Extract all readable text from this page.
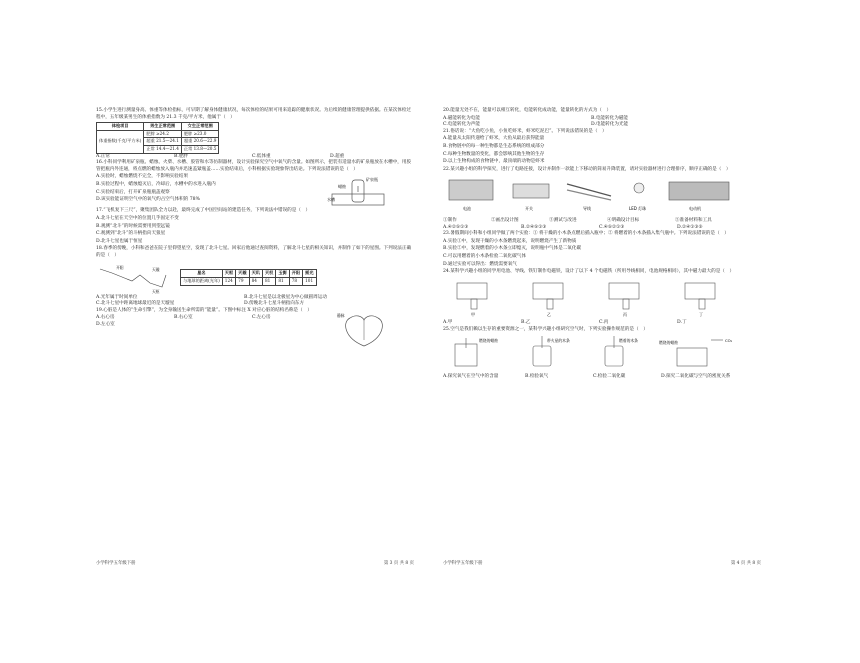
15.小学生进行测量身高、体重等体检指标，可早期了解身体健康状况，每次体检的结果可用来追踪的健康状况。为后续的健康管理提供依据。在某次体检过程中，五年级某男生的体重指数为 21.3 千克/平方米，他属于（　）
体检项目	男生正常范围	女生正常范围
体重指数(千克/平方米)	肥胖 ≥24.2	肥胖 ≥23.0
	超重 21.5—24.1	超重 20.6—22.9
	正常 14.4—21.4	正常 13.8—20.5
A.正常	B.肥胖	C.低体重	D.超重
16.小科同学利用矿泉瓶、蜡烛、火柴、水槽、胶管和水等仿制器材，设计实验探究空气中氧气的含量。如图所示，把装有适量水的矿泉瓶放在水槽中，用胶管把瓶内外连通，将点燃的蜡烛放入瓶内并迅速盖紧瓶盖……实验结束后，小科根据实验现象得出结论。下列说法错误的是（　）
A.实验时，蜡烛燃烧不完全，不影响实验结果
B.实验过程中，蜡烛熄灭后，冷却后，水槽中的水进入瓶内
C.实验结束后，打开矿泉瓶瓶盖观察
D.该实验能证明空气中的氧气约占空气体积的 78%
矿泉瓶
蜡烛
水槽
17.“飞机复下三尺”，聚集团队全力以赴，最终完成了中国空间站的建造任务，下列说法中错误的是（　）
A.北斗七星在天空中的位置几乎固定不变
B.观测“北斗”的时候需要用到望远镜
C.观测到“北斗”的斗柄指向天狼星
D.北斗七星也属于恒星
18.春季的傍晚，小科和爸爸在院子里仰望星空，发现了北斗七星。回家后他通过查阅资料，了解北斗七星的相关知识，并制作了如下的星图。下列说法正确的是（　）
开阳	天璇
天枢
星名	天枢	天璇	天玑	天权	玉衡	开阳	摇光
与地球的距离(光年)	124	79	84	81	81	78	101
A.光年属于时间单位	B.北斗七星是以北极星为中心做圆周运动
C.北斗七星中距离地球最近的是天璇星	D.傍晚北斗七星斗柄指向东方
19.心脏是人体的“生命引擎”，为全身输送生命所需的“能量”。下图中标注 X 对应心脏的结构名称是（　）
A.右心房	B.右心室	C.左心房
D.左心室
静脉
小学科学五年级下册	第 3 页 共 8 页
20.能量无处不在，能量可以相互转化，电能转化成动能，能量转化的方式为（　）
A.磁能转化为电能	B.电能转化为磁能
C.电能转化为声能	D.电能转化为光能
21.俗话说：“大鱼吃小鱼，小鱼吃虾米，虾米吃泥巴”。下列说法错误的是（　）
A.能量从太阳传递给了虾米，大鱼从最后获得能量
B.食物链中的每一种生物都是生态系统的组成部分
C.每种生物数量的变化，都会影响其他生物的生存
D.以上生物构成的食物链中，最顶端的动物是虾米
22.某兴趣小组的科学探究，进行了电路连接，设计并制作一款能上下移动的简易升降装置，请对实验器材进行合理排序，顺序正确的是（　）
电池	开关	导线	LED 灯珠	电动机
①制作	②画出设计图	③测试与改进	④明确设计目标	⑤准备材料和工具
A.④②⑤①③	B.②④⑤①③	C.④⑤②①③	D.②④①③⑤
23.暑假期间小科和小组同学做了两个实验：① 将干燥的小木条点燃后插入瓶中；② 将燃着的小木条插入集气瓶中。下列说法错误的是（　）
A.实验①中，发现干燥的小木条燃烧起来，说明燃烧产生了新物质
B.实验②中，发现燃着的小木条立即熄灭，说明瓶中气体是二氧化碳
C.可以用燃着的小木条检验二氧化碳气体
D.通过实验可以得出：燃烧需要氧气
24.某科学兴趣小组的同学用电池、导线、铁钉制作电磁铁，设计了以下 4 个电磁铁（所用导线相同，电池规格相同），其中磁力最大的是（　）
甲	乙	丙	丁
A.甲	B.乙	C.丙	D.丁
25.空气是我们赖以生存的重要资源之一，某科学兴趣小组研究空气时，下列实验操作规范的是（　）
燃烧的蜡烛	带火星的木条	燃着的木条	燃烧的蜡烛	CO₂
A.探究氧气在空气中的含量	B.检验氧气	C.检验二氧化碳	D.探究二氧化碳与空气的密度关系
小学科学五年级下册	第 4 页 共 8 页
